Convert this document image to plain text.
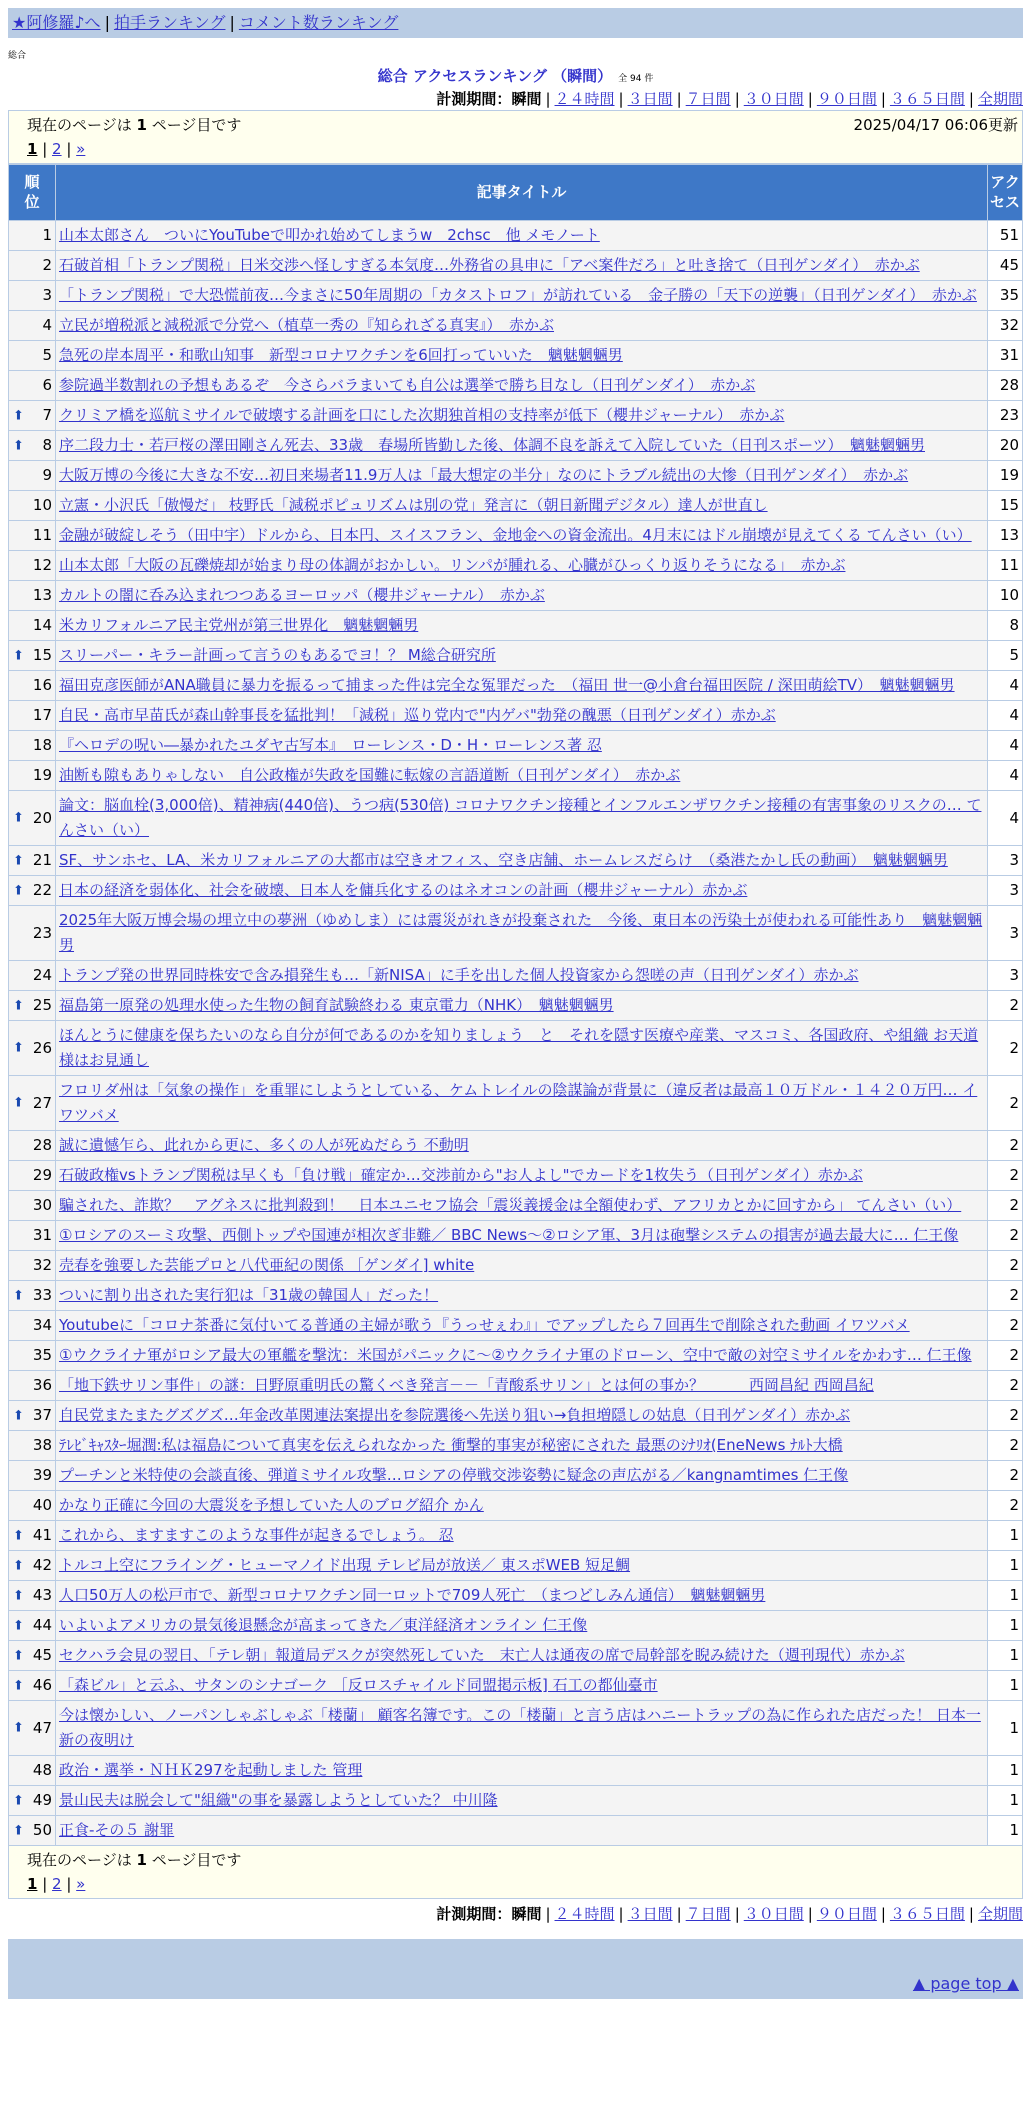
★阿修羅♪へ | 拍手ランキング | コメント数ランキング
総合
総合 アクセスランキング （瞬間） 全 94 件
計測期間：瞬間 | ２４時間 | ３日間 | ７日間 | ３０日間 | ９０日間 | ３６５日間 | 全期間
現在のページは 1 ページ目です	2025/04/17 06:06更新
1 | 2 | »
順
位	記事タイトル	アク
セス
1	山本太郎さん　ついにYouTubeで叩かれ始めてしまうw　2chsc　他 メモノート	51
2	石破首相「トランプ関税」日米交渉へ怪しすぎる本気度…外務省の具申に「アベ案件だろ」と吐き捨て（日刊ゲンダイ）　赤かぶ	45
3	「トランプ関税」で大恐慌前夜…今まさに50年周期の「カタストロフ」が訪れている　金子勝の「天下の逆襲」（日刊ゲンダイ）　赤かぶ	35
4	立民が増税派と減税派で分党へ（植草一秀の『知られざる真実』）　赤かぶ	32
5	急死の岸本周平・和歌山知事　新型コロナワクチンを6回打っていいた　魑魅魍魎男	31
6	参院過半数割れの予想もあるぞ　今さらバラまいても自公は選挙で勝ち目なし（日刊ゲンダイ）　赤かぶ	28

⬆ 7	クリミア橋を巡航ミサイルで破壊する計画を口にした次期独首相の支持率が低下（櫻井ジャーナル）　赤かぶ	23

⬆ 8	序二段力士・若戸桜の澤田剛さん死去、33歳　春場所皆勤した後、体調不良を訴えて入院していた（日刊スポーツ）　魑魅魍魎男	20
9	大阪万博の今後に大きな不安…初日来場者11.9万人は「最大想定の半分」なのにトラブル続出の大惨（日刊ゲンダイ）　赤かぶ	19
10	立憲・小沢氏「傲慢だ」 枝野氏「減税ポピュリズムは別の党」発言に（朝日新聞デジタル）達人が世直し	15
11	金融が破綻しそう（田中宇）ドルから、日本円、スイスフラン、金地金への資金流出。4月末にはドル崩壊が見えてくる てんさい（い）	13
12	山本太郎「大阪の瓦礫焼却が始まり母の体調がおかしい。リンパが腫れる、心臓がひっくり返りそうになる」　赤かぶ	11
13	カルトの闇に呑み込まれつつあるヨーロッパ（櫻井ジャーナル）　赤かぶ	10
14	米カリフォルニア民主党州が第三世界化　魑魅魍魎男	8

⬆ 15	スリーパー・キラー計画って言うのもあるでヨ！？ M総合研究所	5
16	福田克彦医師がANA職員に暴力を振るって捕まった件は完全な冤罪だった　（福田 世一@小倉台福田医院 / 深田萌絵TV）　魑魅魍魎男	4
17	自民・高市早苗氏が森山幹事長を猛批判！「減税」巡り党内で"内ゲバ"勃発の醜悪（日刊ゲンダイ）赤かぶ	4
18	『ヘロデの呪い―暴かれたユダヤ古写本』　ローレンス・D・H・ローレンス著 忍	4
19	油断も隙もありゃしない　自公政権が失政を国難に転嫁の言語道断（日刊ゲンダイ）　赤かぶ	4

⬆ 20	論文：脳血栓(3,000倍)、精神病(440倍)、うつ病(530倍) コロナワクチン接種とインフルエンザワクチン接種の有害事象のリスクの… てんさい（い）	4

⬆ 21	SF、サンホセ、LA、米カリフォルニアの大都市は空きオフィス、空き店舗、ホームレスだらけ　（桑港たかし氏の動画）　魑魅魍魎男	3

⬆ 22	日本の経済を弱体化、社会を破壊、日本人を傭兵化するのはネオコンの計画（櫻井ジャーナル）赤かぶ	3
23	2025年大阪万博会場の埋立中の夢洲（ゆめしま）には震災がれきが投棄された　今後、東日本の汚染土が使われる可能性あり　魑魅魍魎男	3
24	トランプ発の世界同時株安で含み損発生も…「新NISA」に手を出した個人投資家から怨嗟の声（日刊ゲンダイ）赤かぶ	3

⬆ 25	福島第一原発の処理水使った生物の飼育試験終わる 東京電力（NHK）　魑魅魍魎男	2

⬆ 26	ほんとうに健康を保ちたいのなら自分が何であるのかを知りましょう　と　それを隠す医療や産業、マスコミ、各国政府、や組織 お天道様はお見通し	2

⬆ 27	フロリダ州は「気象の操作」を重罪にしようとしている、ケムトレイルの陰謀論が背景に（違反者は最高１０万ドル・１４２０万円… イワツバメ	2
28	誠に遺憾乍ら、此れから更に、多くの人が死ぬだらう 不動明	2
29	石破政権vsトランプ関税は早くも「負け戦」確定か…交渉前から"お人よし"でカードを1枚失う（日刊ゲンダイ）赤かぶ	2
30	騙された、詐欺？　アグネスに批判殺到！　日本ユニセフ協会「震災義援金は全額使わず、アフリカとかに回すから」 てんさい（い）	2
31	①ロシアのスーミ攻撃、西側トップや国連が相次ぎ非難／ BBC News〜②ロシア軍、3月は砲撃システムの損害が過去最大に… 仁王像	2
32	売春を強要した芸能プロと八代亜紀の関係 ［ゲンダイ] white	2

⬆ 33	ついに割り出された実行犯は「31歳の韓国人」だった！	2
34	Youtubeに「コロナ茶番に気付いてる普通の主婦が歌う『うっせぇわ』」でアップしたら７回再生で削除された動画 イワツバメ	2
35	①ウクライナ軍がロシア最大の軍艦を撃沈：米国がパニックに〜②ウクライナ軍のドローン、空中で敵の対空ミサイルをかわす… 仁王像	2
36	「地下鉄サリン事件」の謎：日野原重明氏の驚くべき発言－－「青酸系サリン」とは何の事か？　　　西岡昌紀 西岡昌紀	2

⬆ 37	自民党またまたグズグズ…年金改革関連法案提出を参院選後へ先送り狙い→負担増隠しの姑息（日刊ゲンダイ）赤かぶ	2
38	ﾃﾚﾋﾞｷｬｽﾀｰ堀潤:私は福島について真実を伝えられなかった 衝撃的事実が秘密にされた 最悪のｼﾅﾘｵ(EneNews ﾅﾙﾄ大橋	2
39	プーチンと米特使の会談直後、弾道ミサイル攻撃…ロシアの停戦交渉姿勢に疑念の声広がる／kangnamtimes 仁王像	2
40	かなり正確に今回の大震災を予想していた人のブログ紹介 かん	2

⬆ 41	これから、ますますこのような事件が起きるでしょう。 忍	1

⬆ 42	トルコ上空にフライング・ヒューマノイド出現 テレビ局が放送／ 東スポWEB 短足鯛	1

⬆ 43	人口50万人の松戸市で、新型コロナワクチン同一ロットで709人死亡　（まつどしみん通信）　魑魅魍魎男	1

⬆ 44	いよいよアメリカの景気後退懸念が高まってきた／東洋経済オンライン 仁王像	1

⬆ 45	セクハラ会見の翌日、「テレ朝」報道局デスクが突然死していた　末亡人は通夜の席で局幹部を睨み続けた（週刊現代）赤かぶ	1

⬆ 46	「森ビル」と云ふ、サタンのシナゴーク ［反ロスチャイルド同盟掲示板] 石工の都仙臺市	1

⬆ 47	今は懐かしい、ノーパンしゃぶしゃぶ「楼蘭」 顧客名簿です。この「楼蘭」と言う店はハニートラップの為に作られた店だった！ 日本一新の夜明け	1
48	政治・選挙・ＮＨＫ297を起動しました 管理	1

⬆ 49	景山民夫は脱会して"組織"の事を暴露しようとしていた？ 中川隆	1

⬆ 50	正食-その５ 謝罪	1
現在のページは 1 ページ目です
1 | 2 | »
計測期間：瞬間 | ２４時間 | ３日間 | ７日間 | ３０日間 | ９０日間 | ３６５日間 | 全期間
▲ page top ▲
